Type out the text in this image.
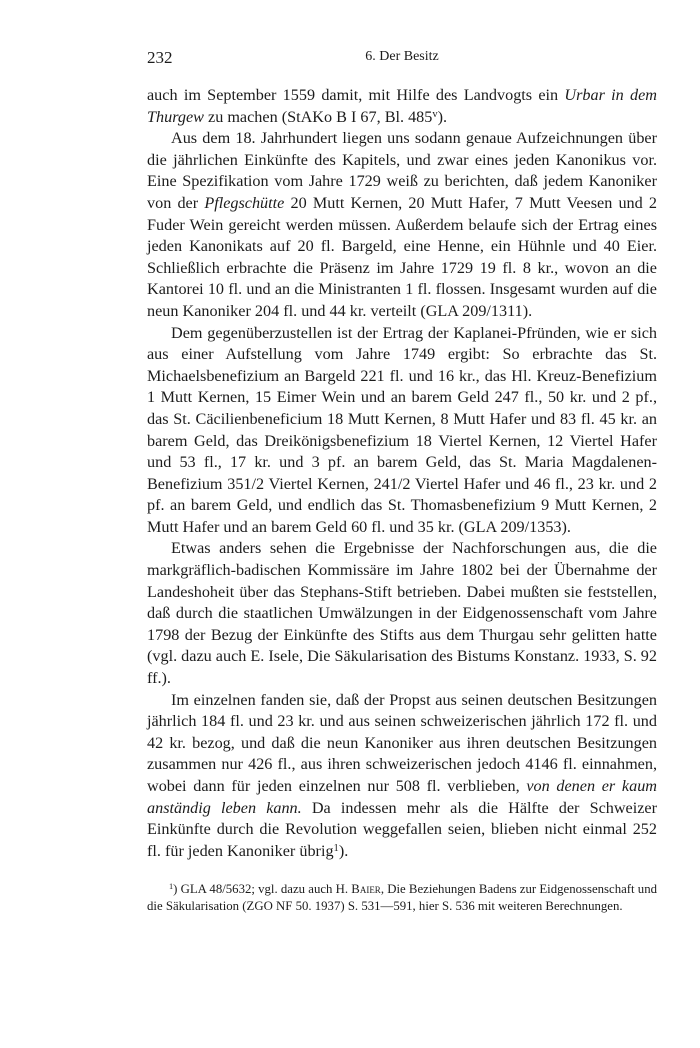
232	6. Der Besitz

auch im September 1559 damit, mit Hilfe des Landvogts ein Urbar in dem Thurgew zu machen (StAKo B I 67, Bl. 485$^v$).

Aus dem 18. Jahrhundert liegen uns sodann genaue Aufzeichnungen über die jährlichen Einkünfte des Kapitels, und zwar eines jeden Kanonikus vor. Eine Spezifikation vom Jahre 1729 weiß zu berichten, daß jedem Kanoniker von der Pflegschütte 20 Mutt Kernen, 20 Mutt Hafer, 7 Mutt Veesen und 2 Fuder Wein gereicht werden müssen. Außerdem belaufe sich der Ertrag eines jeden Kanonikats auf 20 fl. Bargeld, eine Henne, ein Hühnle und 40 Eier. Schließlich erbrachte die Präsenz im Jahre 1729 19 fl. 8 kr., wovon an die Kantorei 10 fl. und an die Ministranten 1 fl. flossen. Insgesamt wurden auf die neun Kanoniker 204 fl. und 44 kr. verteilt (GLA 209/1311).

Dem gegenüberzustellen ist der Ertrag der Kaplanei-Pfründen, wie er sich aus einer Aufstellung vom Jahre 1749 ergibt: So erbrachte das St. Michaelsbenefizium an Bargeld 221 fl. und 16 kr., das Hl. Kreuz-Benefizium 1 Mutt Kernen, 15 Eimer Wein und an barem Geld 247 fl., 50 kr. und 2 pf., das St. Cäcilienbeneficium 18 Mutt Kernen, 8 Mutt Hafer und 83 fl. 45 kr. an barem Geld, das Dreikönigsbenefizium 18 Viertel Kernen, 12 Viertel Hafer und 53 fl., 17 kr. und 3 pf. an barem Geld, das St. Maria Magdalenen-Benefizium 351/2 Viertel Kernen, 241/2 Viertel Hafer und 46 fl., 23 kr. und 2 pf. an barem Geld, und endlich das St. Thomasbenefizium 9 Mutt Kernen, 2 Mutt Hafer und an barem Geld 60 fl. und 35 kr. (GLA 209/1353).

Etwas anders sehen die Ergebnisse der Nachforschungen aus, die die markgräflich-badischen Kommissäre im Jahre 1802 bei der Übernahme der Landeshoheit über das Stephans-Stift betrieben. Dabei mußten sie feststellen, daß durch die staatlichen Umwälzungen in der Eidgenossenschaft vom Jahre 1798 der Bezug der Einkünfte des Stifts aus dem Thurgau sehr gelitten hatte (vgl. dazu auch E. Isele, Die Säkularisation des Bistums Konstanz. 1933, S. 92 ff.).

Im einzelnen fanden sie, daß der Propst aus seinen deutschen Besitzungen jährlich 184 fl. und 23 kr. und aus seinen schweizerischen jährlich 172 fl. und 42 kr. bezog, und daß die neun Kanoniker aus ihren deutschen Besitzungen zusammen nur 426 fl., aus ihren schweizerischen jedoch 4146 fl. einnahmen, wobei dann für jeden einzelnen nur 508 fl. verblieben, von denen er kaum anständig leben kann. Da indessen mehr als die Hälfte der Schweizer Einkünfte durch die Revolution weggefallen seien, blieben nicht einmal 252 fl. für jeden Kanoniker übrig$^1$).

$^1$) GLA 48/5632; vgl. dazu auch H. Baier, Die Beziehungen Badens zur Eidgenossenschaft und die Säkularisation (ZGO NF 50. 1937) S. 531—591, hier S. 536 mit weiteren Berechnungen.
